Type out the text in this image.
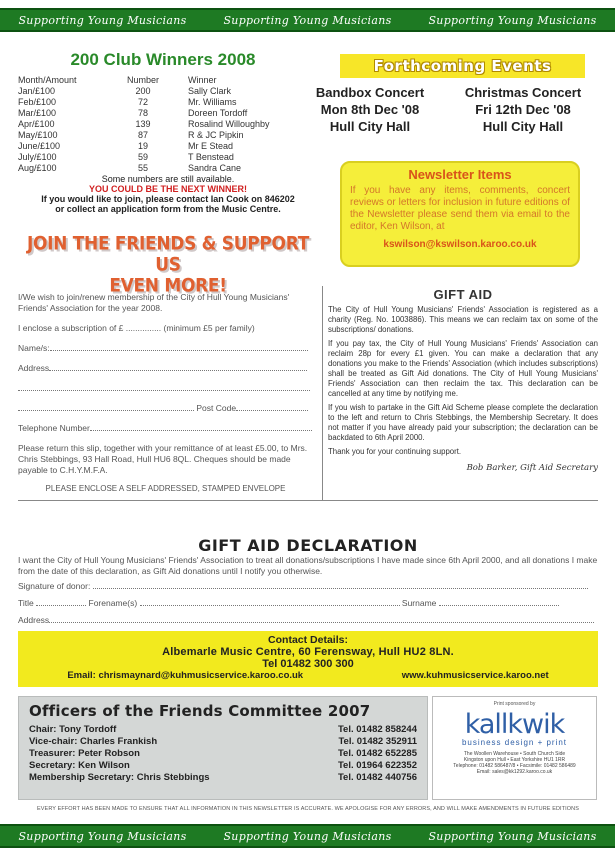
Supporting Young Musicians	Supporting Young Musicians	Supporting Young Musicians
200 Club Winners 2008
Month/Amount	Number	Winner
Jan/£100	200	Sally Clark
Feb/£100	72	Mr. Williams
Mar/£100	78	Doreen Tordoff
Apr/£100	139	Rosalind Willoughby
May/£100	87	R & JC Pipkin
June/£100	19	Mr E Stead
July/£100	59	T Benstead
Aug/£100	55	Sandra Cane
Some numbers are still available.
YOU COULD BE THE NEXT WINNER!
If you would like to join, please contact Ian Cook on 846202
or collect an application form from the Music Centre.
Forthcoming Events
Bandbox Concert
Mon 8th Dec '08
Hull City Hall
Christmas Concert
Fri 12th Dec '08
Hull City Hall
Newsletter Items

If you have any items, comments, concert reviews or letters for inclusion in future editions of the Newsletter please send them via email to the editor, Ken Wilson, at

kswilson@kswilson.karoo.co.uk

JOIN THE FRIENDS & SUPPORT US
EVEN MORE!

I/We wish to join/renew membership of the City of Hull Young Musicians' Friends' Association for the year 2008.

I enclose a subscription of £ ............... (minimum £5 per family)

Name/s:

Address

Post Code

Telephone Number

Please return this slip, together with your remittance of at least £5.00, to Mrs. Chris Stebbings, 93 Hall Road, Hull HU6 8QL. Cheques should be made payable to C.H.Y.M.F.A.

PLEASE ENCLOSE A SELF ADDRESSED, STAMPED ENVELOPE

GIFT AID

The City of Hull Young Musicians' Friends' Association is registered as a charity (Reg. No. 1003886). This means we can reclaim tax on some of the subscriptions/ donations.

If you pay tax, the City of Hull Young Musicians' Friends' Association can reclaim 28p for every £1 given. You can make a declaration that any donations you make to the Friends' Association (which includes subscriptions) shall be treated as Gift Aid donations. The City of Hull Young Musicians' Friends' Association can then reclaim the tax. This declaration can be cancelled at any time by notifying me.

If you wish to partake in the Gift Aid Scheme please complete the declaration to the left and return to Chris Stebbings, the Membership Secretary. It does not matter if you have already paid your subscription; the declaration can be backdated to 6th April 2000.

Thank you for your continuing support.

Bob Barker, Gift Aid Secretary
GIFT AID DECLARATION

I want the City of Hull Young Musicians' Friends' Association to treat all donations/subscriptions I have made since 6th April 2000, and all donations I make from the date of this declaration, as Gift Aid donations until I notify you otherwise.

Signature of donor:
Title	Forename(s)	Surname
Address

Contact Details:
Albemarle Music Centre, 60 Ferensway, Hull HU2 8LN.
Tel 01482 300 300
Email: chrismaynard@kuhmusicservice.karoo.co.uk	www.kuhmusicservice.karoo.net
Officers of the Friends Committee 2007
Chair: Tony Tordoff	Tel. 01482 858244
Vice-chair: Charles Frankish	Tel. 01482 352911
Treasurer: Peter Robson	Tel. 01482 652285
Secretary: Ken Wilson	Tel. 01964 622352
Membership Secretary: Chris Stebbings	Tel. 01482 440756
Print sponsored by
kallkwik
business design + print
The Woollen Warehouse • South Church Side
Kingston upon Hull • East Yorkshire HU1 1RR
Telephone: 01482 586487/8 • Facsimile: 01482 586489
Email: sales@kk1292.karoo.co.uk
EVERY EFFORT HAS BEEN MADE TO ENSURE THAT ALL INFORMATION IN THIS NEWSLETTER IS ACCURATE. WE APOLOGISE FOR ANY ERRORS, AND WILL MAKE AMENDMENTS IN FUTURE EDITIONS
Supporting Young Musicians	Supporting Young Musicians	Supporting Young Musicians
